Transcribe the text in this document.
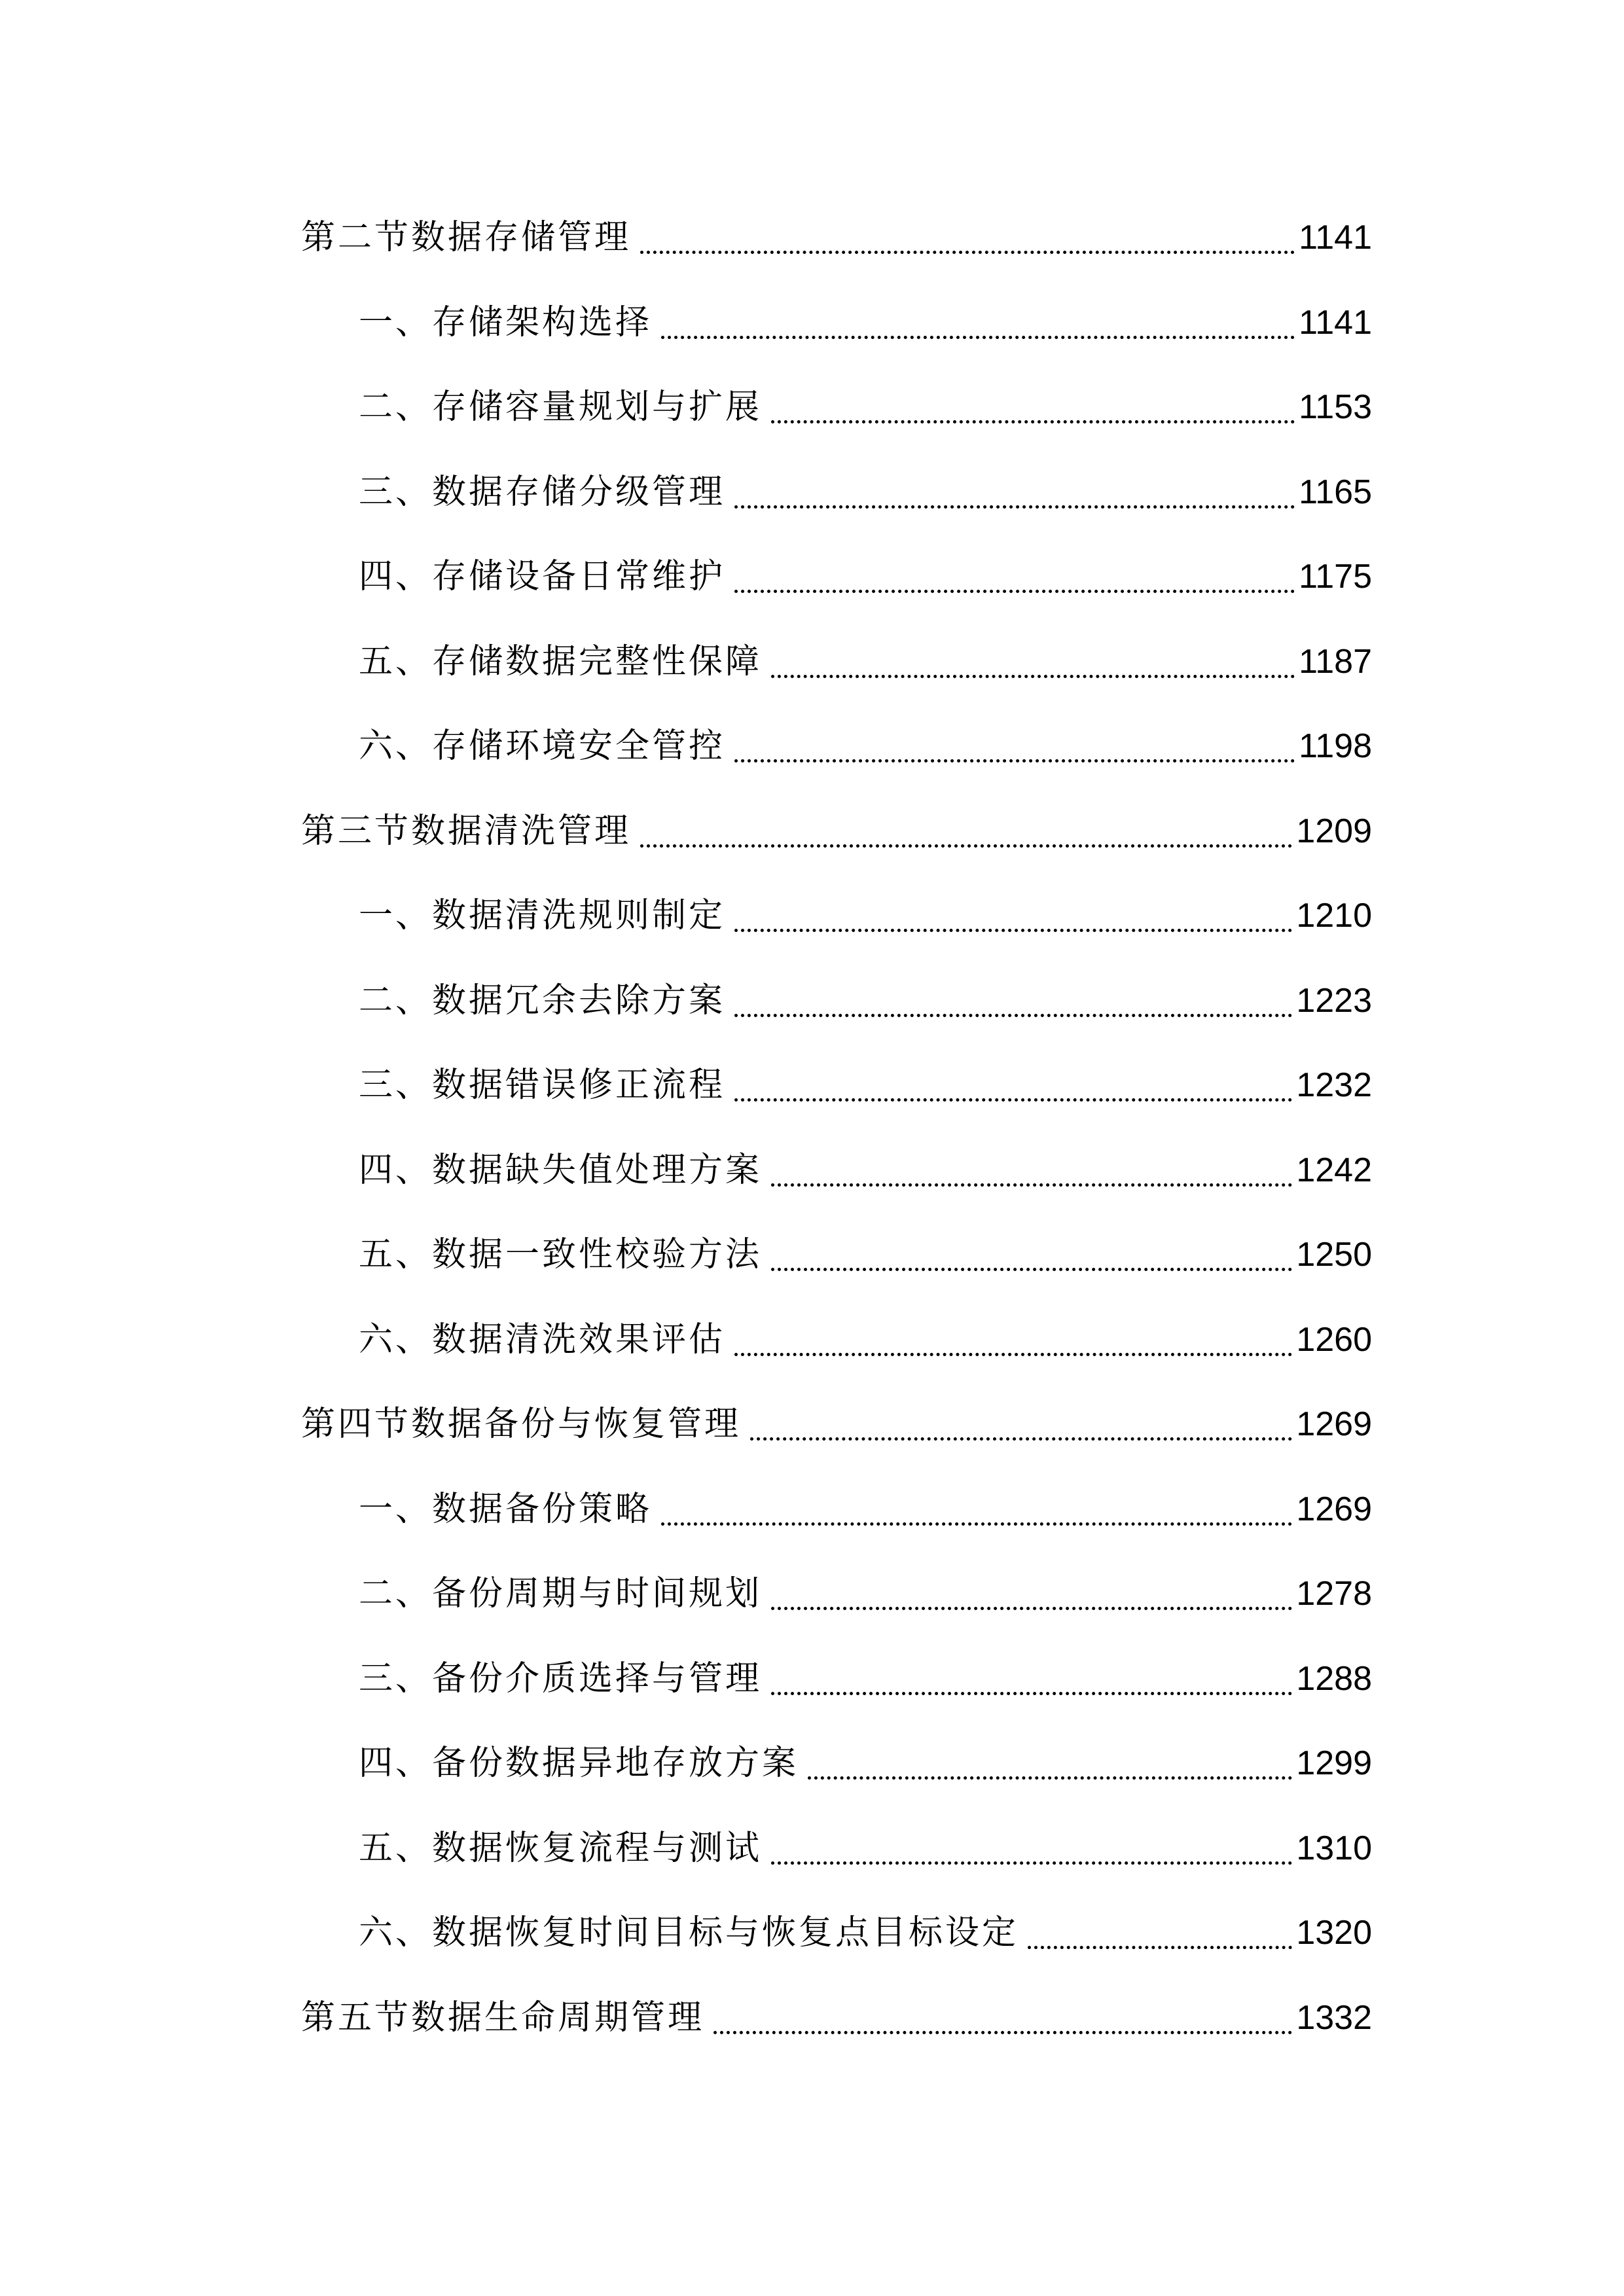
第二节数据存储管理	1141
一、存储架构选择	1141
二、存储容量规划与扩展	1153
三、数据存储分级管理	1165
四、存储设备日常维护	1175
五、存储数据完整性保障	1187
六、存储环境安全管控	1198
第三节数据清洗管理	1209
一、数据清洗规则制定	1210
二、数据冗余去除方案	1223
三、数据错误修正流程	1232
四、数据缺失值处理方案	1242
五、数据一致性校验方法	1250
六、数据清洗效果评估	1260
第四节数据备份与恢复管理	1269
一、数据备份策略	1269
二、备份周期与时间规划	1278
三、备份介质选择与管理	1288
四、备份数据异地存放方案	1299
五、数据恢复流程与测试	1310
六、数据恢复时间目标与恢复点目标设定	1320
第五节数据生命周期管理	1332
